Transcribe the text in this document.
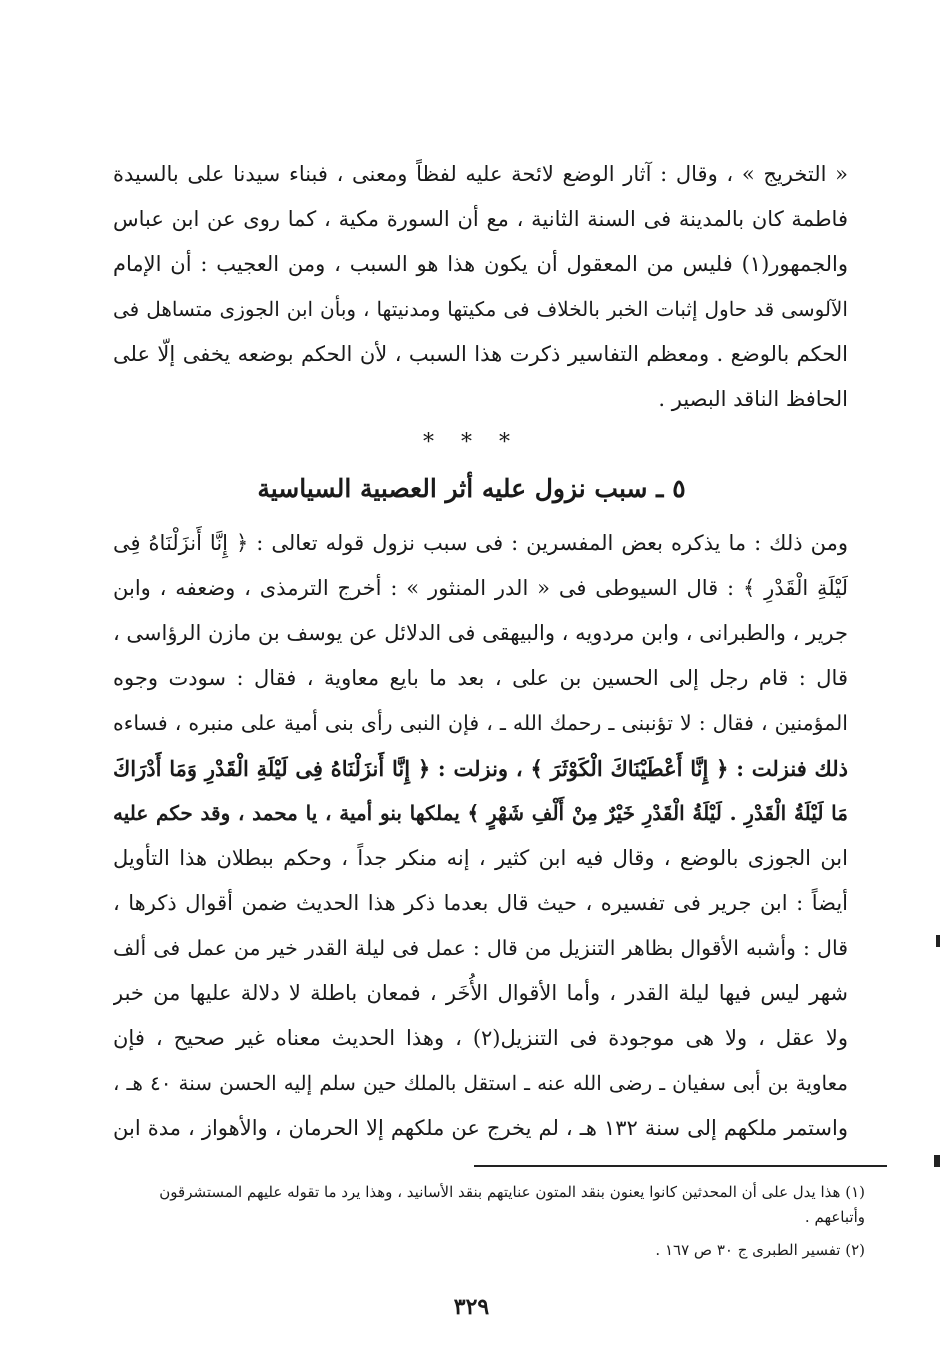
« التخريج » ، وقال : آثار الوضع لائحة عليه لفظاً ومعنى ، فبناء سيدنا على بالسيدة
فاطمة كان بالمدينة فى السنة الثانية ، مع أن السورة مكية ، كما روى عن ابن عباس
والجمهور(١) فليس من المعقول أن يكون هذا هو السبب ، ومن العجيب : أن الإمام
الآلوسى قد حاول إثبات الخبر بالخلاف فى مكيتها ومدنيتها ، وبأن ابن الجوزى متساهل فى
الحكم بالوضع . ومعظم التفاسير ذكرت هذا السبب ، لأن الحكم بوضعه يخفى إلّا على
الحافظ الناقد البصير .
* * *
٥ ـ سبب نزول عليه أثر العصبية السياسية
ومن ذلك : ما يذكره بعض المفسرين : فى سبب نزول قوله تعالى : ﴿ إِنَّا أَنزَلْنَاهُ فِى
لَيْلَةِ الْقَدْرِ ﴾ : قال السيوطى فى « الدر المنثور » : أخرج الترمذى ، وضعفه ، وابن
جرير ، والطبرانى ، وابن مردويه ، والبيهقى فى الدلائل عن يوسف بن مازن الرؤاسى ،
قال : قام رجل إلى الحسين بن على ، بعد ما بايع معاوية ، فقال : سودت وجوه
المؤمنين ، فقال : لا تؤنبنى ـ رحمك الله ـ ، فإن النبى رأى بنى أمية على منبره ، فساءه
ذلك فنزلت : ﴿ إِنَّا أَعْطَيْنَاكَ الْكَوْثَرَ ﴾ ، ونزلت : ﴿ إِنَّا أَنزَلْنَاهُ فِى لَيْلَةِ الْقَدْرِ وَمَا أَدْرَاكَ
مَا لَيْلَةُ الْقَدْرِ . لَيْلَةُ الْقَدْرِ خَيْرٌ مِنْ أَلْفِ شَهْرٍ ﴾ يملكها بنو أمية ، يا محمد ، وقد حكم عليه
ابن الجوزى بالوضع ، وقال فيه ابن كثير ، إنه منكر جداً ، وحكم ببطلان هذا التأويل
أيضاً : ابن جرير فى تفسيره ، حيث قال بعدما ذكر هذا الحديث ضمن أقوال ذكرها ،
قال : وأشبه الأقوال بظاهر التنزيل من قال : عمل فى ليلة القدر خير من عمل فى ألف
شهر ليس فيها ليلة القدر ، وأما الأقوال الأُخَر ، فمعان باطلة لا دلالة عليها من خبر
ولا عقل ، ولا هى موجودة فى التنزيل(٢) ، وهذا الحديث معناه غير صحيح ، فإن
معاوية بن أبى سفيان ـ رضى الله عنه ـ استقل بالملك حين سلم إليه الحسن سنة ٤٠ هـ ،
واستمر ملكهم إلى سنة ١٣٢ هـ ، لم يخرج عن ملكهم إلا الحرمان ، والأهواز ، مدة ابن
(١) هذا يدل على أن المحدثين كانوا يعنون بنقد المتون عنايتهم بنقد الأسانيد ، وهذا يرد ما تقوله عليهم المستشرقون
وأتباعهم .
(٢) تفسير الطبرى ج ٣٠ ص ١٦٧ .
٣٢٩
